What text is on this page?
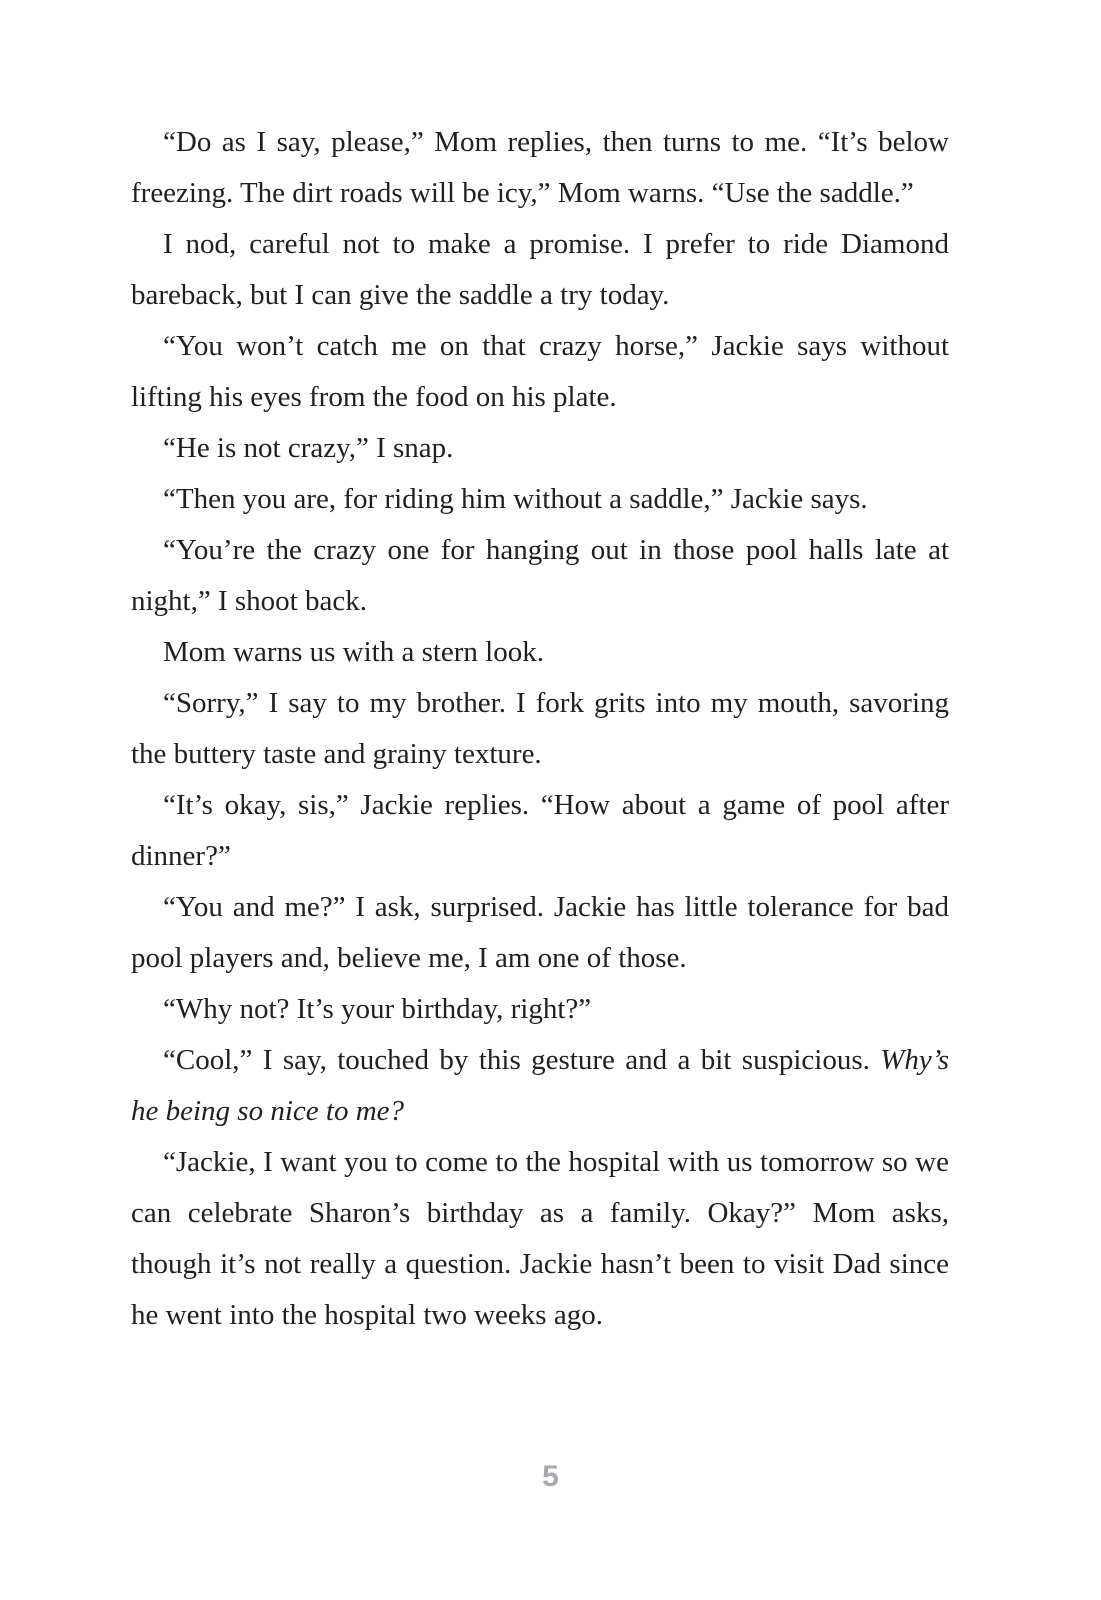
“Do as I say, please,” Mom replies, then turns to me. “It’s below freezing. The dirt roads will be icy,” Mom warns. “Use the saddle.”

I nod, careful not to make a promise. I prefer to ride Diamond bareback, but I can give the saddle a try today.

“You won’t catch me on that crazy horse,” Jackie says without lifting his eyes from the food on his plate.

“He is not crazy,” I snap.

“Then you are, for riding him without a saddle,” Jackie says.

“You’re the crazy one for hanging out in those pool halls late at night,” I shoot back.

Mom warns us with a stern look.

“Sorry,” I say to my brother. I fork grits into my mouth, savoring the buttery taste and grainy texture.

“It’s okay, sis,” Jackie replies. “How about a game of pool after dinner?”

“You and me?” I ask, surprised. Jackie has little tolerance for bad pool players and, believe me, I am one of those.

“Why not? It’s your birthday, right?”

“Cool,” I say, touched by this gesture and a bit suspicious. Why’s he being so nice to me?

“Jackie, I want you to come to the hospital with us tomorrow so we can celebrate Sharon’s birthday as a family. Okay?” Mom asks, though it’s not really a question. Jackie hasn’t been to visit Dad since he went into the hospital two weeks ago.

5
